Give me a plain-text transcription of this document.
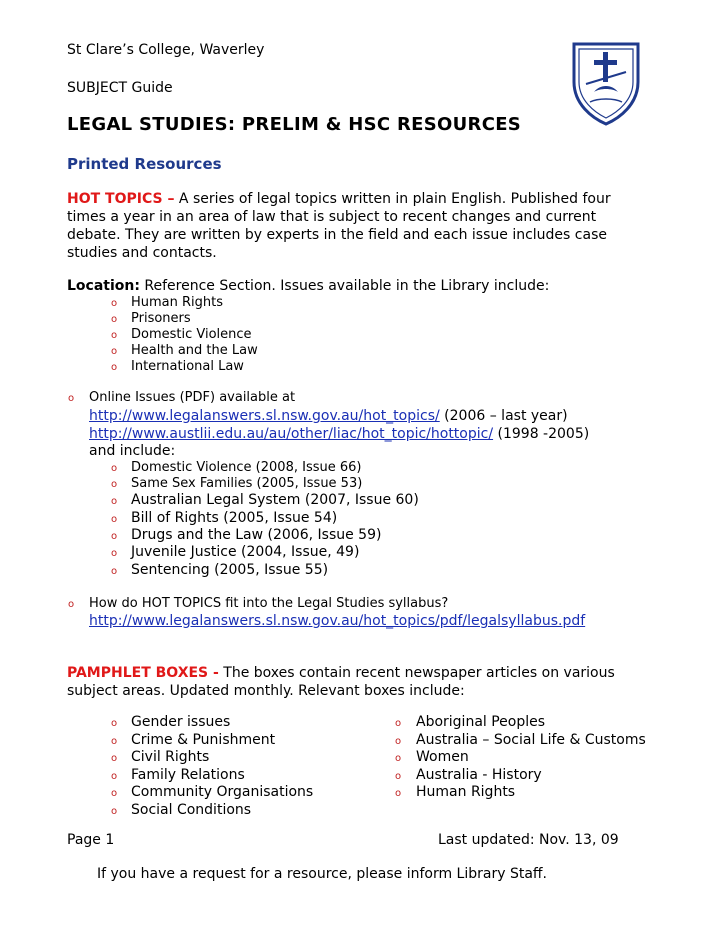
St Clare’s College, Waverley
SUBJECT Guide
LEGAL STUDIES: PRELIM & HSC RESOURCES
Printed Resources
HOT TOPICS – A series of legal topics written in plain English. Published four
times a year in an area of law that is subject to recent changes and current
debate. They are written by experts in the field and each issue includes case
studies and contacts.
Location: Reference Section. Issues available in the Library include:
o Human Rights
o Prisoners
o Domestic Violence
o Health and the Law
o International Law
o Online Issues (PDF) available at
http://www.legalanswers.sl.nsw.gov.au/hot_topics/ (2006 – last year)
http://www.austlii.edu.au/au/other/liac/hot_topic/hottopic/ (1998 -2005)
and include:
o Domestic Violence (2008, Issue 66)
o Same Sex Families (2005, Issue 53)
o Australian Legal System (2007, Issue 60)
o Bill of Rights (2005, Issue 54)
o Drugs and the Law (2006, Issue 59)
o Juvenile Justice (2004, Issue, 49)
o Sentencing (2005, Issue 55)
o How do HOT TOPICS fit into the Legal Studies syllabus?
http://www.legalanswers.sl.nsw.gov.au/hot_topics/pdf/legalsyllabus.pdf
PAMPHLET BOXES - The boxes contain recent newspaper articles on various
subject areas. Updated monthly. Relevant boxes include:
o Gender issues
o Crime & Punishment
o Civil Rights
o Family Relations
o Community Organisations
o Social Conditions
o Aboriginal Peoples
o Australia – Social Life & Customs
o Women
o Australia - History
o Human Rights
Page 1	Last updated: Nov. 13, 09
If you have a request for a resource, please inform Library Staff.
